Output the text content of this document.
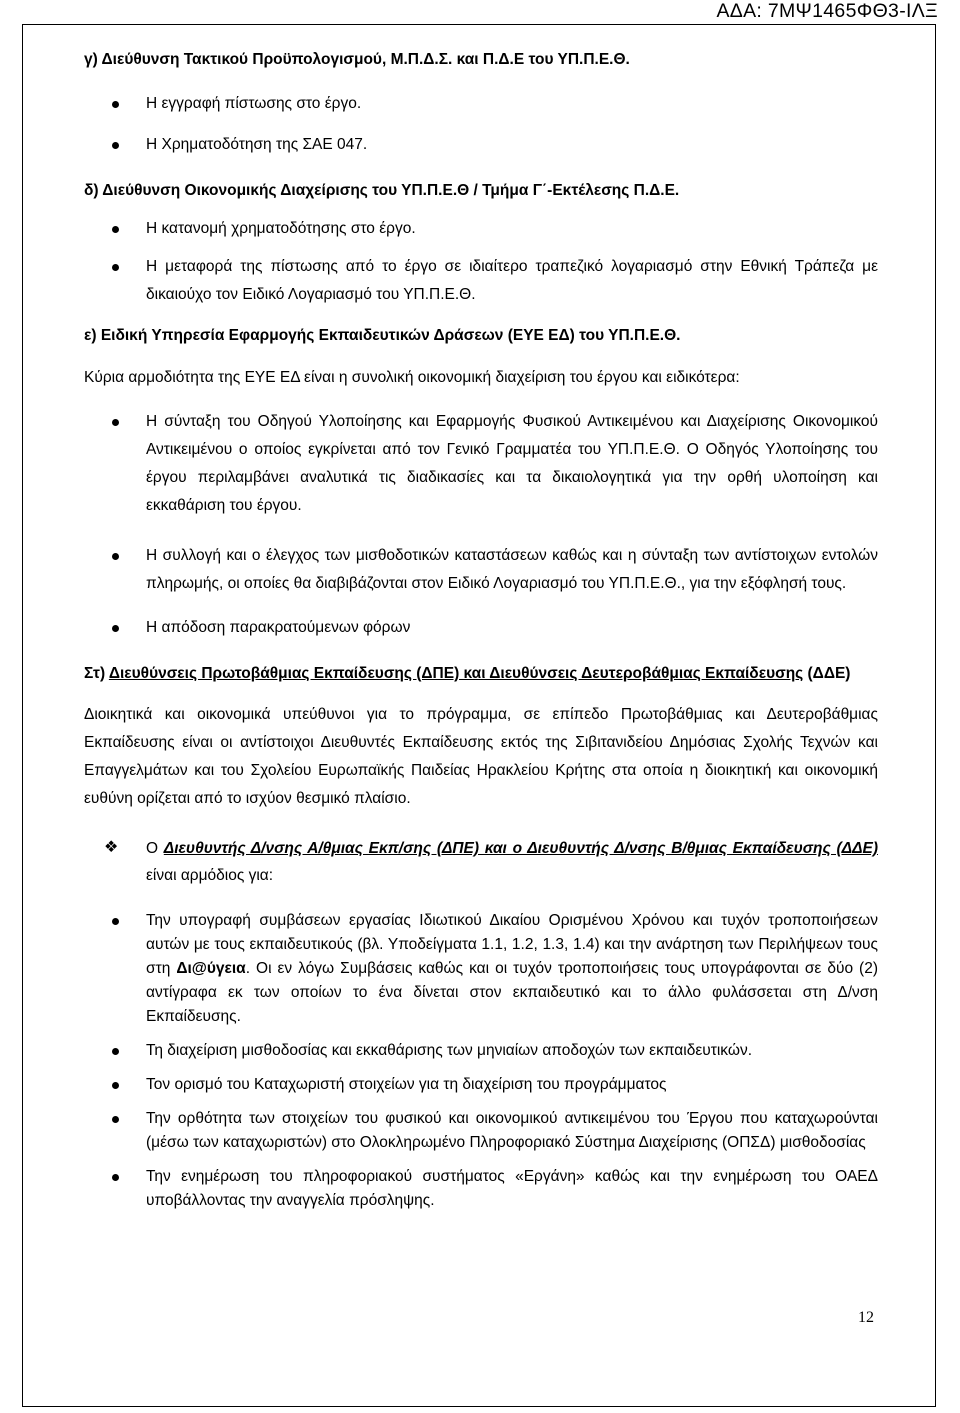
ΑΔΑ: 7ΜΨ1465ΦΘ3-ΙΛΞ

γ) Διεύθυνση Τακτικού Προϋπολογισμού, Μ.Π.Δ.Σ. και Π.Δ.Ε του ΥΠ.Π.Ε.Θ.

Η εγγραφή πίστωσης στο έργο.
Η Χρηματοδότηση της ΣΑΕ 047.

δ) Διεύθυνση Οικονομικής Διαχείρισης του ΥΠ.Π.Ε.Θ / Τμήμα Γ΄-Εκτέλεσης Π.Δ.Ε.

Η κατανομή χρηματοδότησης στο έργο.
Η μεταφορά της πίστωσης από το έργο σε ιδιαίτερο τραπεζικό λογαριασμό στην Εθνική Τράπεζα με δικαιούχο τον Ειδικό Λογαριασμό του ΥΠ.Π.Ε.Θ.

ε) Ειδική Υπηρεσία Εφαρμογής Εκπαιδευτικών Δράσεων (ΕΥΕ ΕΔ) του ΥΠ.Π.Ε.Θ.

Κύρια αρμοδιότητα της ΕΥΕ ΕΔ είναι η συνολική οικονομική διαχείριση του έργου και ειδικότερα:

Η σύνταξη του Οδηγού Υλοποίησης και Εφαρμογής Φυσικού Αντικειμένου και Διαχείρισης Οικονομικού Αντικειμένου ο οποίος εγκρίνεται από τον Γενικό Γραμματέα του ΥΠ.Π.Ε.Θ. Ο Οδηγός Υλοποίησης του έργου περιλαμβάνει αναλυτικά τις διαδικασίες και τα δικαιολογητικά για την ορθή υλοποίηση και εκκαθάριση του έργου.
Η συλλογή και ο έλεγχος των μισθοδοτικών καταστάσεων καθώς και η σύνταξη των αντίστοιχων εντολών πληρωμής, οι οποίες θα διαβιβάζονται στον Ειδικό Λογαριασμό του ΥΠ.Π.Ε.Θ., για την εξόφλησή τους.
Η απόδοση παρακρατούμενων φόρων

Στ) Διευθύνσεις Πρωτοβάθμιας Εκπαίδευσης (ΔΠΕ) και Διευθύνσεις Δευτεροβάθμιας Εκπαίδευσης (ΔΔΕ)

Διοικητικά και οικονομικά υπεύθυνοι για το πρόγραμμα, σε επίπεδο Πρωτοβάθμιας και Δευτεροβάθμιας Εκπαίδευσης είναι οι αντίστοιχοι Διευθυντές Εκπαίδευσης εκτός της Σιβιτανιδείου Δημόσιας Σχολής Τεχνών και Επαγγελμάτων και του Σχολείου Ευρωπαϊκής Παιδείας Ηρακλείου Κρήτης στα οποία η διοικητική και οικονομική ευθύνη ορίζεται από το ισχύον θεσμικό πλαίσιο.

❖	Ο Διευθυντής Δ/νσης Α/θμιας Εκπ/σης (ΔΠΕ) και ο Διευθυντής Δ/νσης Β/θμιας Εκπαίδευσης (ΔΔΕ) είναι αρμόδιος για:

Την υπογραφή συμβάσεων εργασίας Ιδιωτικού Δικαίου Ορισμένου Χρόνου και τυχόν τροποποιήσεων αυτών με τους εκπαιδευτικούς (βλ. Υποδείγματα 1.1, 1.2, 1.3, 1.4) και την ανάρτηση των Περιλήψεων τους στη Δι@ύγεια. Οι εν λόγω Συμβάσεις καθώς και οι τυχόν τροποποιήσεις τους υπογράφονται σε δύο (2) αντίγραφα εκ των οποίων το ένα δίνεται στον εκπαιδευτικό και το άλλο φυλάσσεται στη Δ/νση Εκπαίδευσης.
Τη διαχείριση μισθοδοσίας και εκκαθάρισης των μηνιαίων αποδοχών των εκπαιδευτικών.
Τον ορισμό του Καταχωριστή στοιχείων για τη διαχείριση του προγράμματος
Την ορθότητα των στοιχείων του φυσικού και οικονομικού αντικειμένου του Έργου που καταχωρούνται (μέσω των καταχωριστών) στο Ολοκληρωμένο Πληροφοριακό Σύστημα Διαχείρισης (ΟΠΣΔ) μισθοδοσίας
Την ενημέρωση του πληροφοριακού συστήματος «Εργάνη» καθώς και την ενημέρωση του ΟΑΕΔ υποβάλλοντας την αναγγελία πρόσληψης.
12
